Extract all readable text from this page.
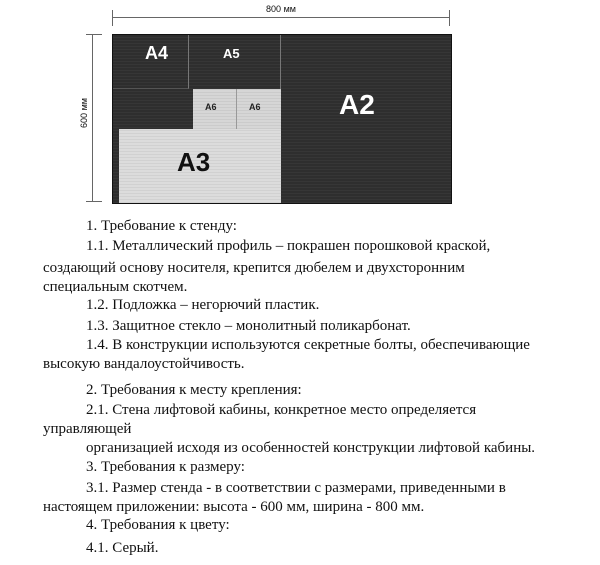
800 мм
600 мм	A2
A4	A5
A6	A6
A3
1. Требование к стенду:
1.1. Металлический профиль – покрашен порошковой краской,
создающий основу носителя, крепится дюбелем и двухсторонним
специальным скотчем.
1.2. Подложка – негорючий пластик.
1.3. Защитное стекло – монолитный поликарбонат.
1.4. В конструкции используются секретные болты, обеспечивающие
высокую вандалоустойчивость.
2. Требования к месту крепления:
2.1. Стена лифтовой кабины, конкретное место определяется
управляющей
организацией исходя из особенностей конструкции лифтовой кабины.
3. Требования к размеру:
3.1. Размер стенда - в соответствии с размерами, приведенными в
настоящем приложении: высота - 600 мм, ширина - 800 мм.
4. Требования к цвету:
4.1. Серый.
